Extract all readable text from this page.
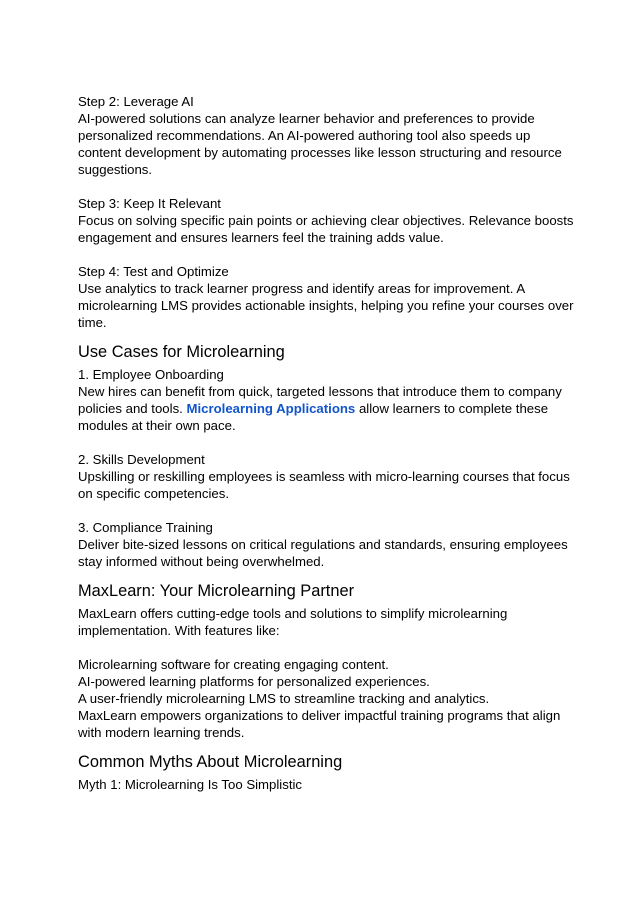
Step 2: Leverage AI

AI-powered solutions can analyze learner behavior and preferences to provide

personalized recommendations. An AI-powered authoring tool also speeds up

content development by automating processes like lesson structuring and resource

suggestions.

Step 3: Keep It Relevant

Focus on solving specific pain points or achieving clear objectives. Relevance boosts

engagement and ensures learners feel the training adds value.

Step 4: Test and Optimize

Use analytics to track learner progress and identify areas for improvement. A

microlearning LMS provides actionable insights, helping you refine your courses over

time.

Use Cases for Microlearning

1. Employee Onboarding

New hires can benefit from quick, targeted lessons that introduce them to company

policies and tools. Microlearning Applications allow learners to complete these

modules at their own pace.

2. Skills Development

Upskilling or reskilling employees is seamless with micro-learning courses that focus

on specific competencies.

3. Compliance Training

Deliver bite-sized lessons on critical regulations and standards, ensuring employees

stay informed without being overwhelmed.

MaxLearn: Your Microlearning Partner

MaxLearn offers cutting-edge tools and solutions to simplify microlearning

implementation. With features like:

Microlearning software for creating engaging content.

AI-powered learning platforms for personalized experiences.

A user-friendly microlearning LMS to streamline tracking and analytics.

MaxLearn empowers organizations to deliver impactful training programs that align

with modern learning trends.

Common Myths About Microlearning

Myth 1: Microlearning Is Too Simplistic
